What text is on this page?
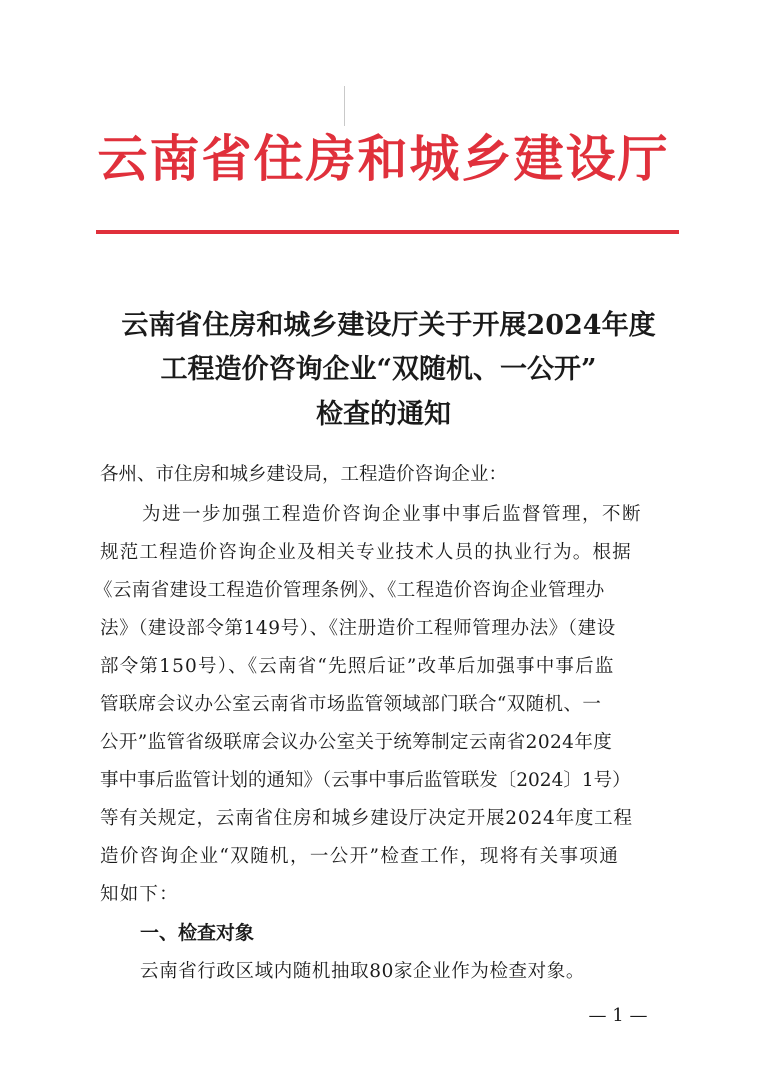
云南省住房和城乡建设厅
云南省住房和城乡建设厅关于开展2024年度
工程造价咨询企业“双随机、一公开”
检查的通知
各州、市住房和城乡建设局，工程造价咨询企业：
为进一步加强工程造价咨询企业事中事后监督管理，不断
规范工程造价咨询企业及相关专业技术人员的执业行为。根据
《云南省建设工程造价管理条例》、《工程造价咨询企业管理办
法》（建设部令第149号）、《注册造价工程师管理办法》（建设
部令第150号）、《云南省“先照后证”改革后加强事中事后监
管联席会议办公室云南省市场监管领域部门联合“双随机、一
公开”监管省级联席会议办公室关于统筹制定云南省2024年度
事中事后监管计划的通知》（云事中事后监管联发〔2024〕1号）
等有关规定，云南省住房和城乡建设厅决定开展2024年度工程
造价咨询企业“双随机，一公开”检查工作，现将有关事项通
知如下：
一、检查对象
云南省行政区域内随机抽取80家企业作为检查对象。
— 1 —
